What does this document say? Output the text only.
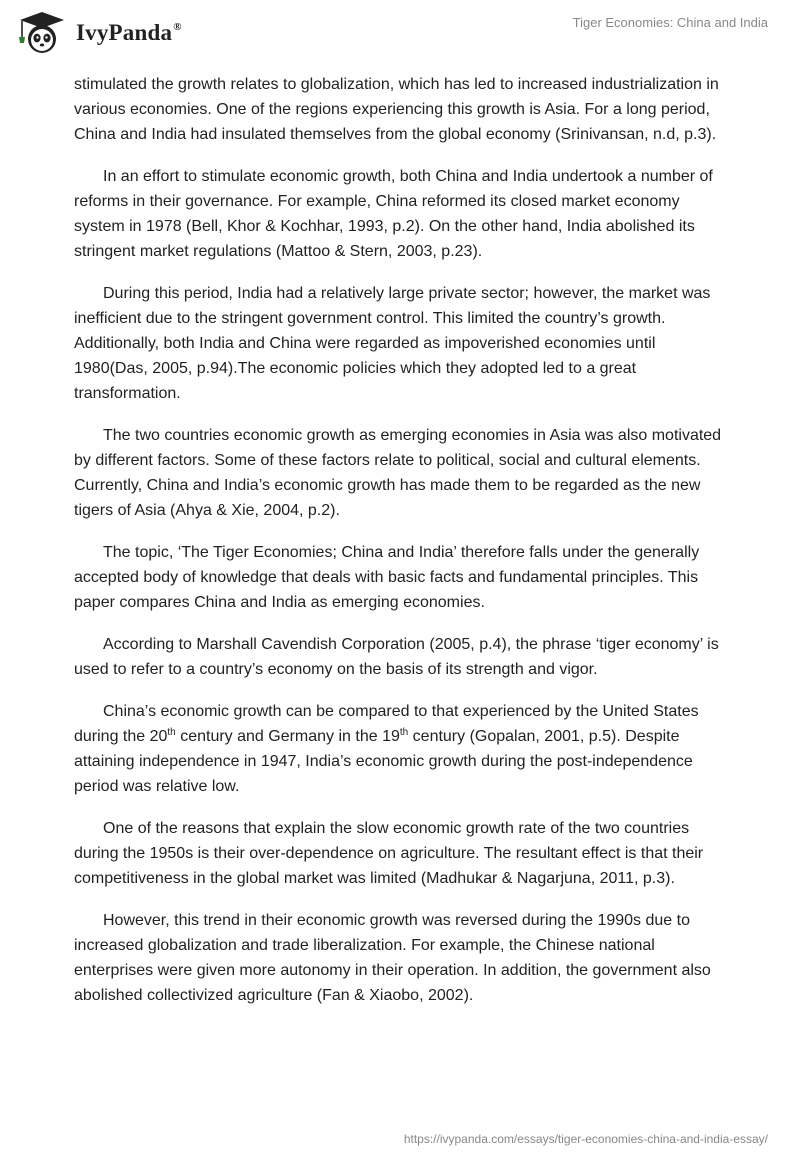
IvyPanda®	Tiger Economies: China and India

stimulated the growth relates to globalization, which has led to increased industrialization in various economies. One of the regions experiencing this growth is Asia. For a long period, China and India had insulated themselves from the global economy (Srinivansan, n.d, p.3).

In an effort to stimulate economic growth, both China and India undertook a number of reforms in their governance. For example, China reformed its closed market economy system in 1978 (Bell, Khor & Kochhar, 1993, p.2). On the other hand, India abolished its stringent market regulations (Mattoo & Stern, 2003, p.23).

During this period, India had a relatively large private sector; however, the market was inefficient due to the stringent government control. This limited the country’s growth. Additionally, both India and China were regarded as impoverished economies until 1980(Das, 2005, p.94).The economic policies which they adopted led to a great transformation.

The two countries economic growth as emerging economies in Asia was also motivated by different factors. Some of these factors relate to political, social and cultural elements. Currently, China and India’s economic growth has made them to be regarded as the new tigers of Asia (Ahya & Xie, 2004, p.2).

The topic, ‘The Tiger Economies; China and India’ therefore falls under the generally accepted body of knowledge that deals with basic facts and fundamental principles. This paper compares China and India as emerging economies.

According to Marshall Cavendish Corporation (2005, p.4), the phrase ‘tiger economy’ is used to refer to a country’s economy on the basis of its strength and vigor.

China’s economic growth can be compared to that experienced by the United States during the 20th century and Germany in the 19th century (Gopalan, 2001, p.5). Despite attaining independence in 1947, India’s economic growth during the post-independence period was relative low.

One of the reasons that explain the slow economic growth rate of the two countries during the 1950s is their over-dependence on agriculture. The resultant effect is that their competitiveness in the global market was limited (Madhukar & Nagarjuna, 2011, p.3).

However, this trend in their economic growth was reversed during the 1990s due to increased globalization and trade liberalization. For example, the Chinese national enterprises were given more autonomy in their operation. In addition, the government also abolished collectivized agriculture (Fan & Xiaobo, 2002).

https://ivypanda.com/essays/tiger-economies-china-and-india-essay/
